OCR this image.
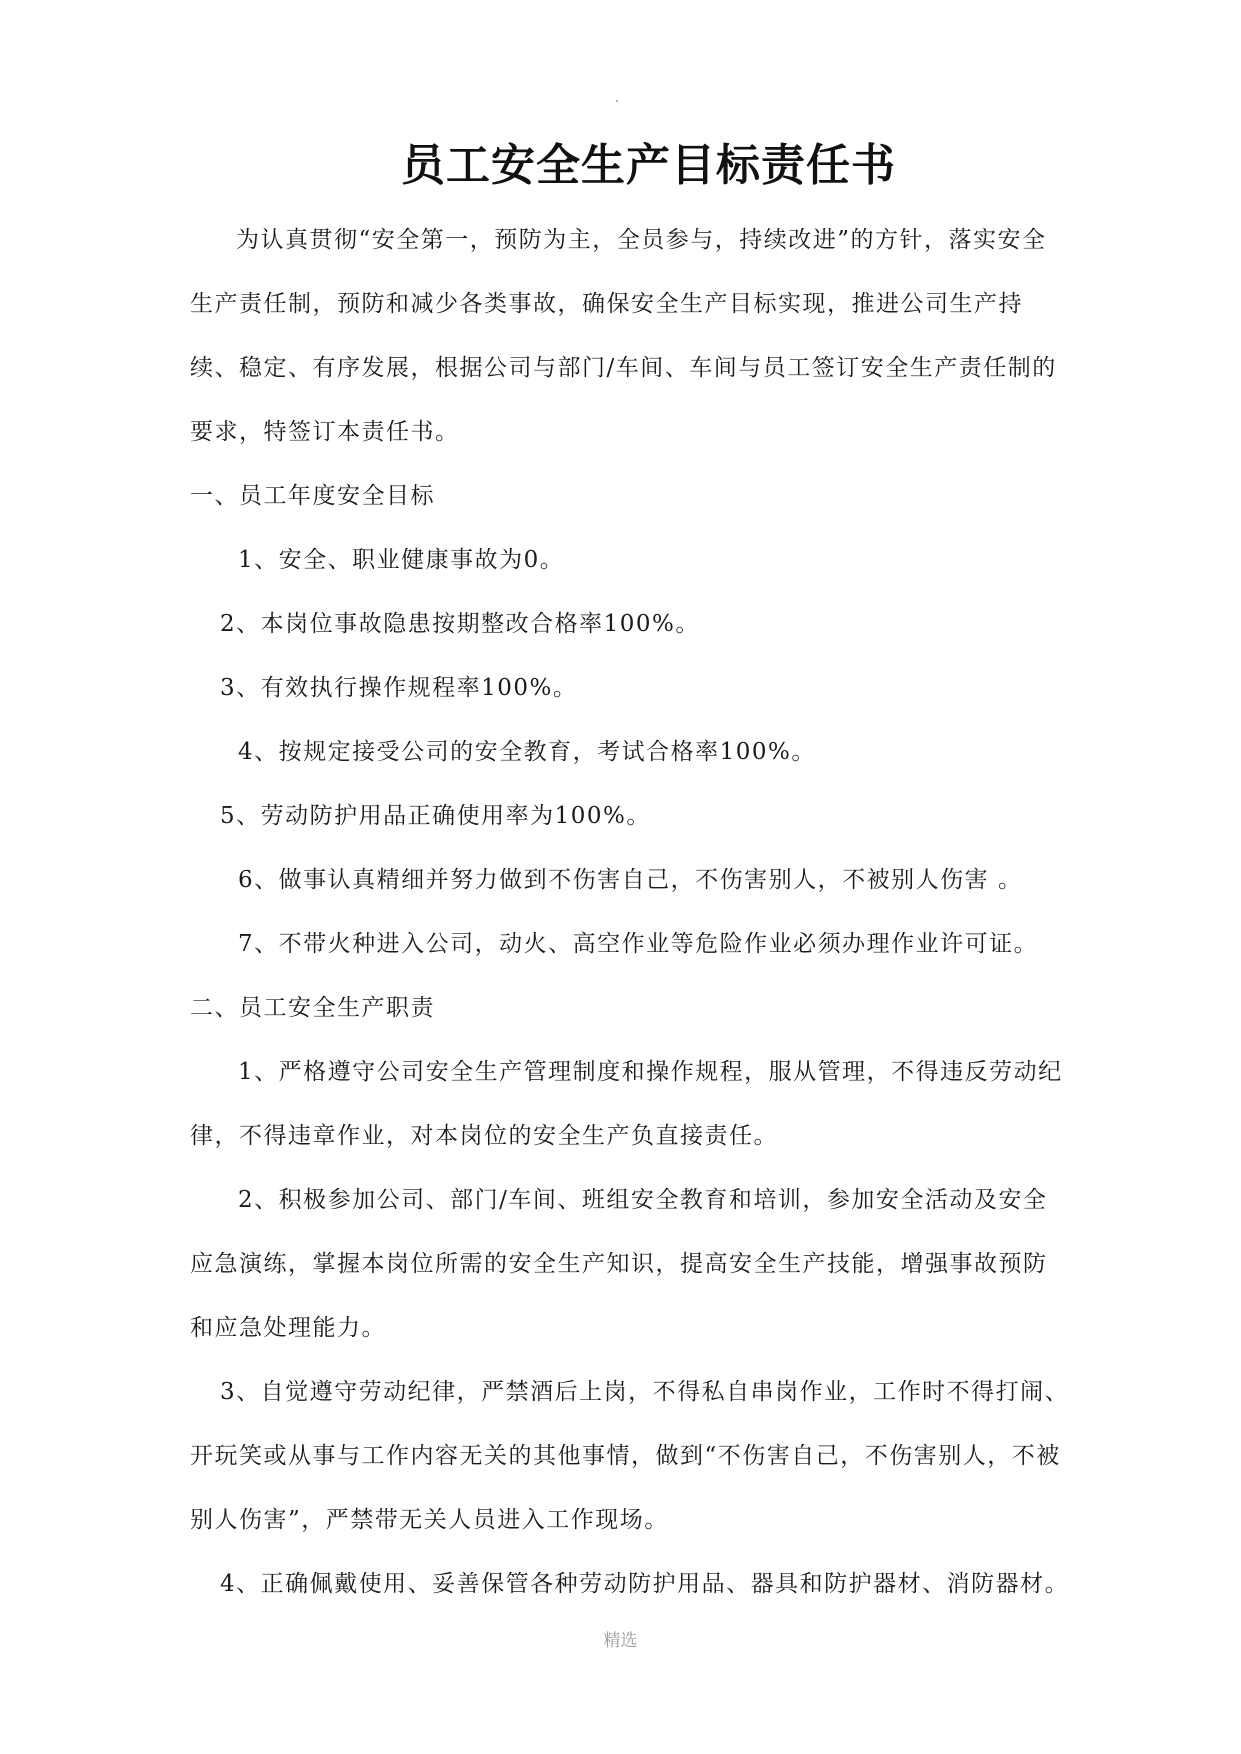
员工安全生产目标责任书

为认真贯彻“安全第一，预防为主，全员参与，持续改进”的方针，落实安全生产责任制，预防和减少各类事故，确保安全生产目标实现，推进公司生产持续、稳定、有序发展，根据公司与部门/车间、车间与员工签订安全生产责任制的要求，特签订本责任书。

一、员工年度安全目标

1、安全、职业健康事故为0。

2、本岗位事故隐患按期整改合格率100%。

3、有效执行操作规程率100%。

4、按规定接受公司的安全教育，考试合格率100%。

5、劳动防护用品正确使用率为100%。

6、做事认真精细并努力做到不伤害自己，不伤害别人，不被别人伤害 。

7、不带火种进入公司，动火、高空作业等危险作业必须办理作业许可证。

二、员工安全生产职责

1、严格遵守公司安全生产管理制度和操作规程，服从管理，不得违反劳动纪律，不得违章作业，对本岗位的安全生产负直接责任。

2、积极参加公司、部门/车间、班组安全教育和培训，参加安全活动及安全应急演练，掌握本岗位所需的安全生产知识，提高安全生产技能，增强事故预防和应急处理能力。

3、自觉遵守劳动纪律，严禁酒后上岗，不得私自串岗作业，工作时不得打闹、开玩笑或从事与工作内容无关的其他事情，做到“不伤害自己，不伤害别人，不被别人伤害”，严禁带无关人员进入工作现场。

4、正确佩戴使用、妥善保管各种劳动防护用品、器具和防护器材、消防器材。

精选
